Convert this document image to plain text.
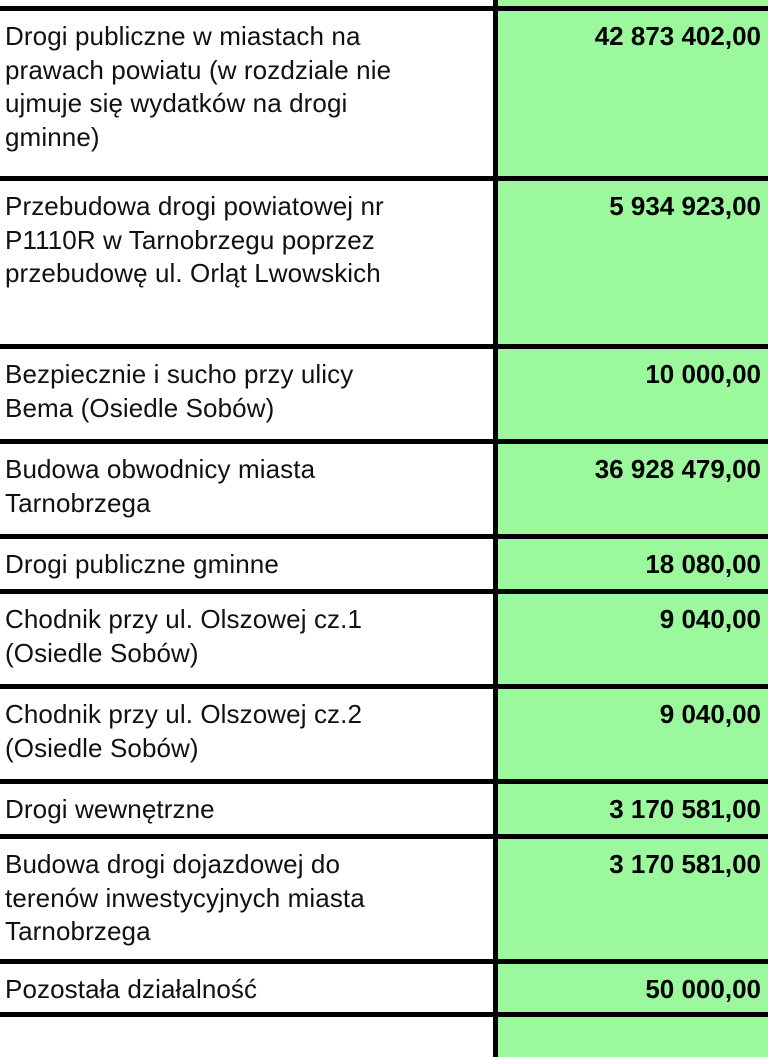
Drogi publiczne w miastach na
prawach powiatu (w rozdziale nie
ujmuje się wydatków na drogi
gminne)	42 873 402,00

Przebudowa drogi powiatowej nr
P1110R w Tarnobrzegu poprzez
przebudowę ul. Orląt Lwowskich	5 934 923,00

Bezpiecznie i sucho przy ulicy
Bema (Osiedle Sobów)	10 000,00

Budowa obwodnicy miasta
Tarnobrzega	36 928 479,00

Drogi publiczne gminne	18 080,00

Chodnik przy ul. Olszowej cz.1
(Osiedle Sobów)	9 040,00

Chodnik przy ul. Olszowej cz.2
(Osiedle Sobów)	9 040,00

Drogi wewnętrzne	3 170 581,00

Budowa drogi dojazdowej do
terenów inwestycyjnych miasta
Tarnobrzega	3 170 581,00

Pozostała działalność	50 000,00
